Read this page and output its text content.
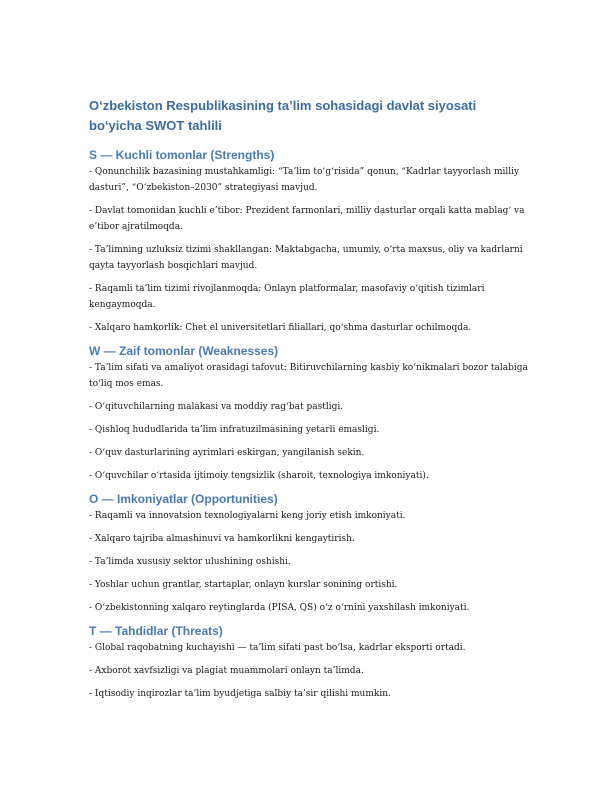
O‘zbekiston Respublikasining ta’lim sohasidagi davlat siyosati bo‘yicha SWOT tahlili
S — Kuchli tomonlar (Strengths)
- Qonunchilik bazasining mustahkamligi: “Ta’lim to‘g‘risida” qonun, “Kadrlar tayyorlash milliy dasturi”, “O‘zbekiston–2030” strategiyasi mavjud.
- Davlat tomonidan kuchli e’tibor: Prezident farmonlari, milliy dasturlar orqali katta mablag‘ va e’tibor ajratilmoqda.
- Ta’limning uzluksiz tizimi shakllangan: Maktabgacha, umumiy, o‘rta maxsus, oliy va kadrlarni qayta tayyorlash bosqichlari mavjud.
- Raqamli ta’lim tizimi rivojlanmoqda: Onlayn platformalar, masofaviy o‘qitish tizimlari kengaymoqda.
- Xalqaro hamkorlik: Chet el universitetlari filiallari, qo‘shma dasturlar ochilmoqda.
W — Zaif tomonlar (Weaknesses)
- Ta’lim sifati va amaliyot orasidagi tafovut: Bitiruvchilarning kasbiy ko‘nikmalari bozor talabiga to‘liq mos emas.
- O‘qituvchilarning malakasi va moddiy rag‘bat pastligi.
- Qishloq hududlarida ta’lim infratuzilmasining yetarli emasligi.
- O‘quv dasturlarining ayrimlari eskirgan, yangilanish sekin.
- O‘quvchilar o‘rtasida ijtimoiy tengsizlik (sharoit, texnologiya imkoniyati).
O — Imkoniyatlar (Opportunities)
- Raqamli va innovatsion texnologiyalarni keng joriy etish imkoniyati.
- Xalqaro tajriba almashinuvi va hamkorlikni kengaytirish.
- Ta’limda xususiy sektor ulushining oshishi.
- Yoshlar uchun grantlar, startaplar, onlayn kurslar sonining ortishi.
- O‘zbekistonning xalqaro reytinglarda (PISA, QS) o‘z o‘rnini yaxshilash imkoniyati.
T — Tahdidlar (Threats)
- Global raqobatning kuchayishi — ta’lim sifati past bo‘lsa, kadrlar eksporti ortadi.
- Axborot xavfsizligi va plagiat muammolari onlayn ta’limda.
- Iqtisodiy inqirozlar ta’lim byudjetiga salbiy ta’sir qilishi mumkin.
